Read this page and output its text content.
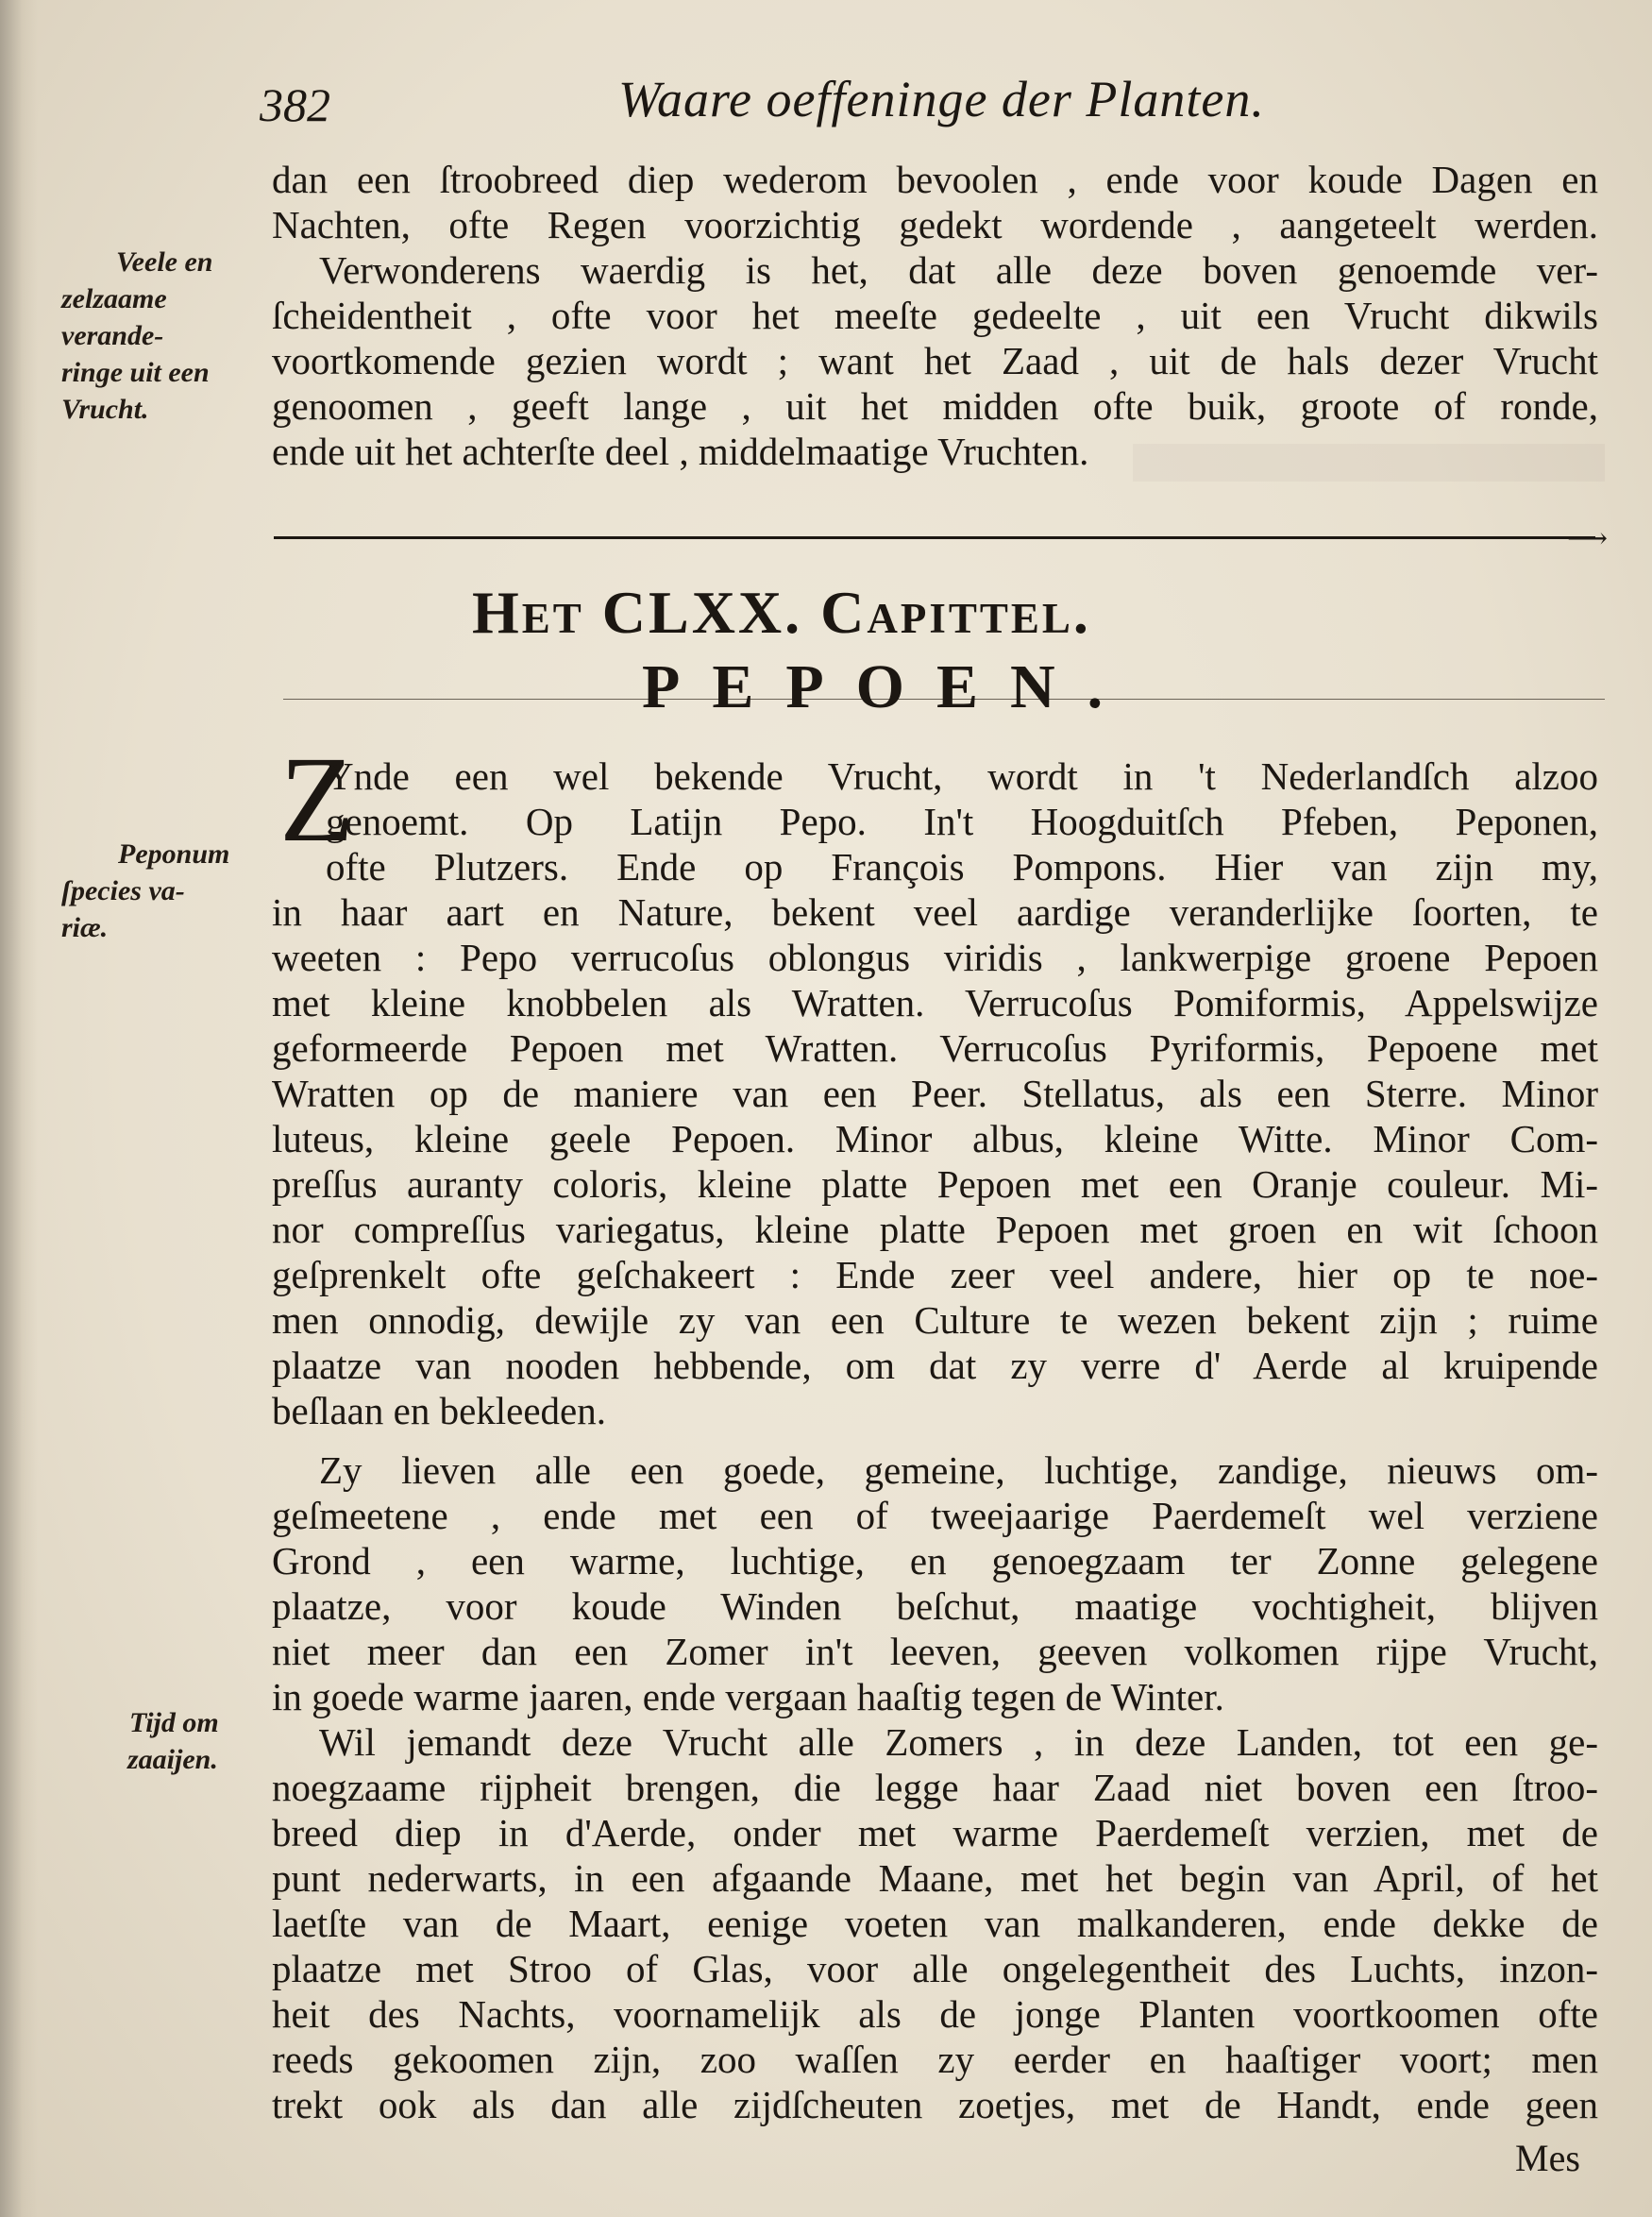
382	Waare oeffeninge der Planten.
dan een ſtroobreed diep wederom bevoolen , ende voor koude Dagen en
Nachten, ofte Regen voorzichtig gedekt wordende , aangeteelt werden.
Verwonderens waerdig is het, dat alle deze boven genoemde ver-
ſcheidentheit , ofte voor het meeſte gedeelte , uit een Vrucht dikwils
voortkomende gezien wordt ; want het Zaad , uit de hals dezer Vrucht
genoomen , geeft lange , uit het midden ofte buik, groote of ronde,
ende uit het achterſte deel , middelmaatige Vruchten.
Veele en
zelzaame
verande-
ringe uit een
Vrucht.
⟶
Het CLXX. Capittel.
PEPOEN.
Z
Ynde een wel bekende Vrucht, wordt in 't Nederlandſch alzoo
genoemt. Op Latijn Pepo. In't Hoogduitſch Pfeben, Peponen,
ofte Plutzers. Ende op François Pompons. Hier van zijn my,
in haar aart en Nature, bekent veel aardige veranderlijke ſoorten, te
weeten : Pepo verrucoſus oblongus viridis , lankwerpige groene Pepoen
met kleine knobbelen als Wratten. Verrucoſus Pomiformis, Appelswijze
geformeerde Pepoen met Wratten. Verrucoſus Pyriformis, Pepoene met
Wratten op de maniere van een Peer. Stellatus, als een Sterre. Minor
luteus, kleine geele Pepoen. Minor albus, kleine Witte. Minor Com-
preſſus auranty coloris, kleine platte Pepoen met een Oranje couleur. Mi-
nor compreſſus variegatus, kleine platte Pepoen met groen en wit ſchoon
geſprenkelt ofte geſchakeert : Ende zeer veel andere, hier op te noe-
men onnodig, dewijle zy van een Culture te wezen bekent zijn ; ruime
plaatze van nooden hebbende, om dat zy verre d' Aerde al kruipende
beſlaan en bekleeden.
Peponum
ſpecies va-
riæ.
Zy lieven alle een goede, gemeine, luchtige, zandige, nieuws om-
geſmeetene , ende met een of tweejaarige Paerdemeſt wel verziene
Grond , een warme, luchtige, en genoegzaam ter Zonne gelegene
plaatze, voor koude Winden beſchut, maatige vochtigheit, blijven
niet meer dan een Zomer in't leeven, geeven volkomen rijpe Vrucht,
in goede warme jaaren, ende vergaan haaſtig tegen de Winter.
Tijd om
zaaijen.	Wil jemandt deze Vrucht alle Zomers , in deze Landen, tot een ge-
noegzaame rijpheit brengen, die legge haar Zaad niet boven een ſtroo-
breed diep in d'Aerde, onder met warme Paerdemeſt verzien, met de
punt nederwarts, in een afgaande Maane, met het begin van April, of het
laetſte van de Maart, eenige voeten van malkanderen, ende dekke de
plaatze met Stroo of Glas, voor alle ongelegentheit des Luchts, inzon-
heit des Nachts, voornamelijk als de jonge Planten voortkoomen ofte
reeds gekoomen zijn, zoo waſſen zy eerder en haaſtiger voort; men
trekt ook als dan alle zijdſcheuten zoetjes, met de Handt, ende geen
Mes
